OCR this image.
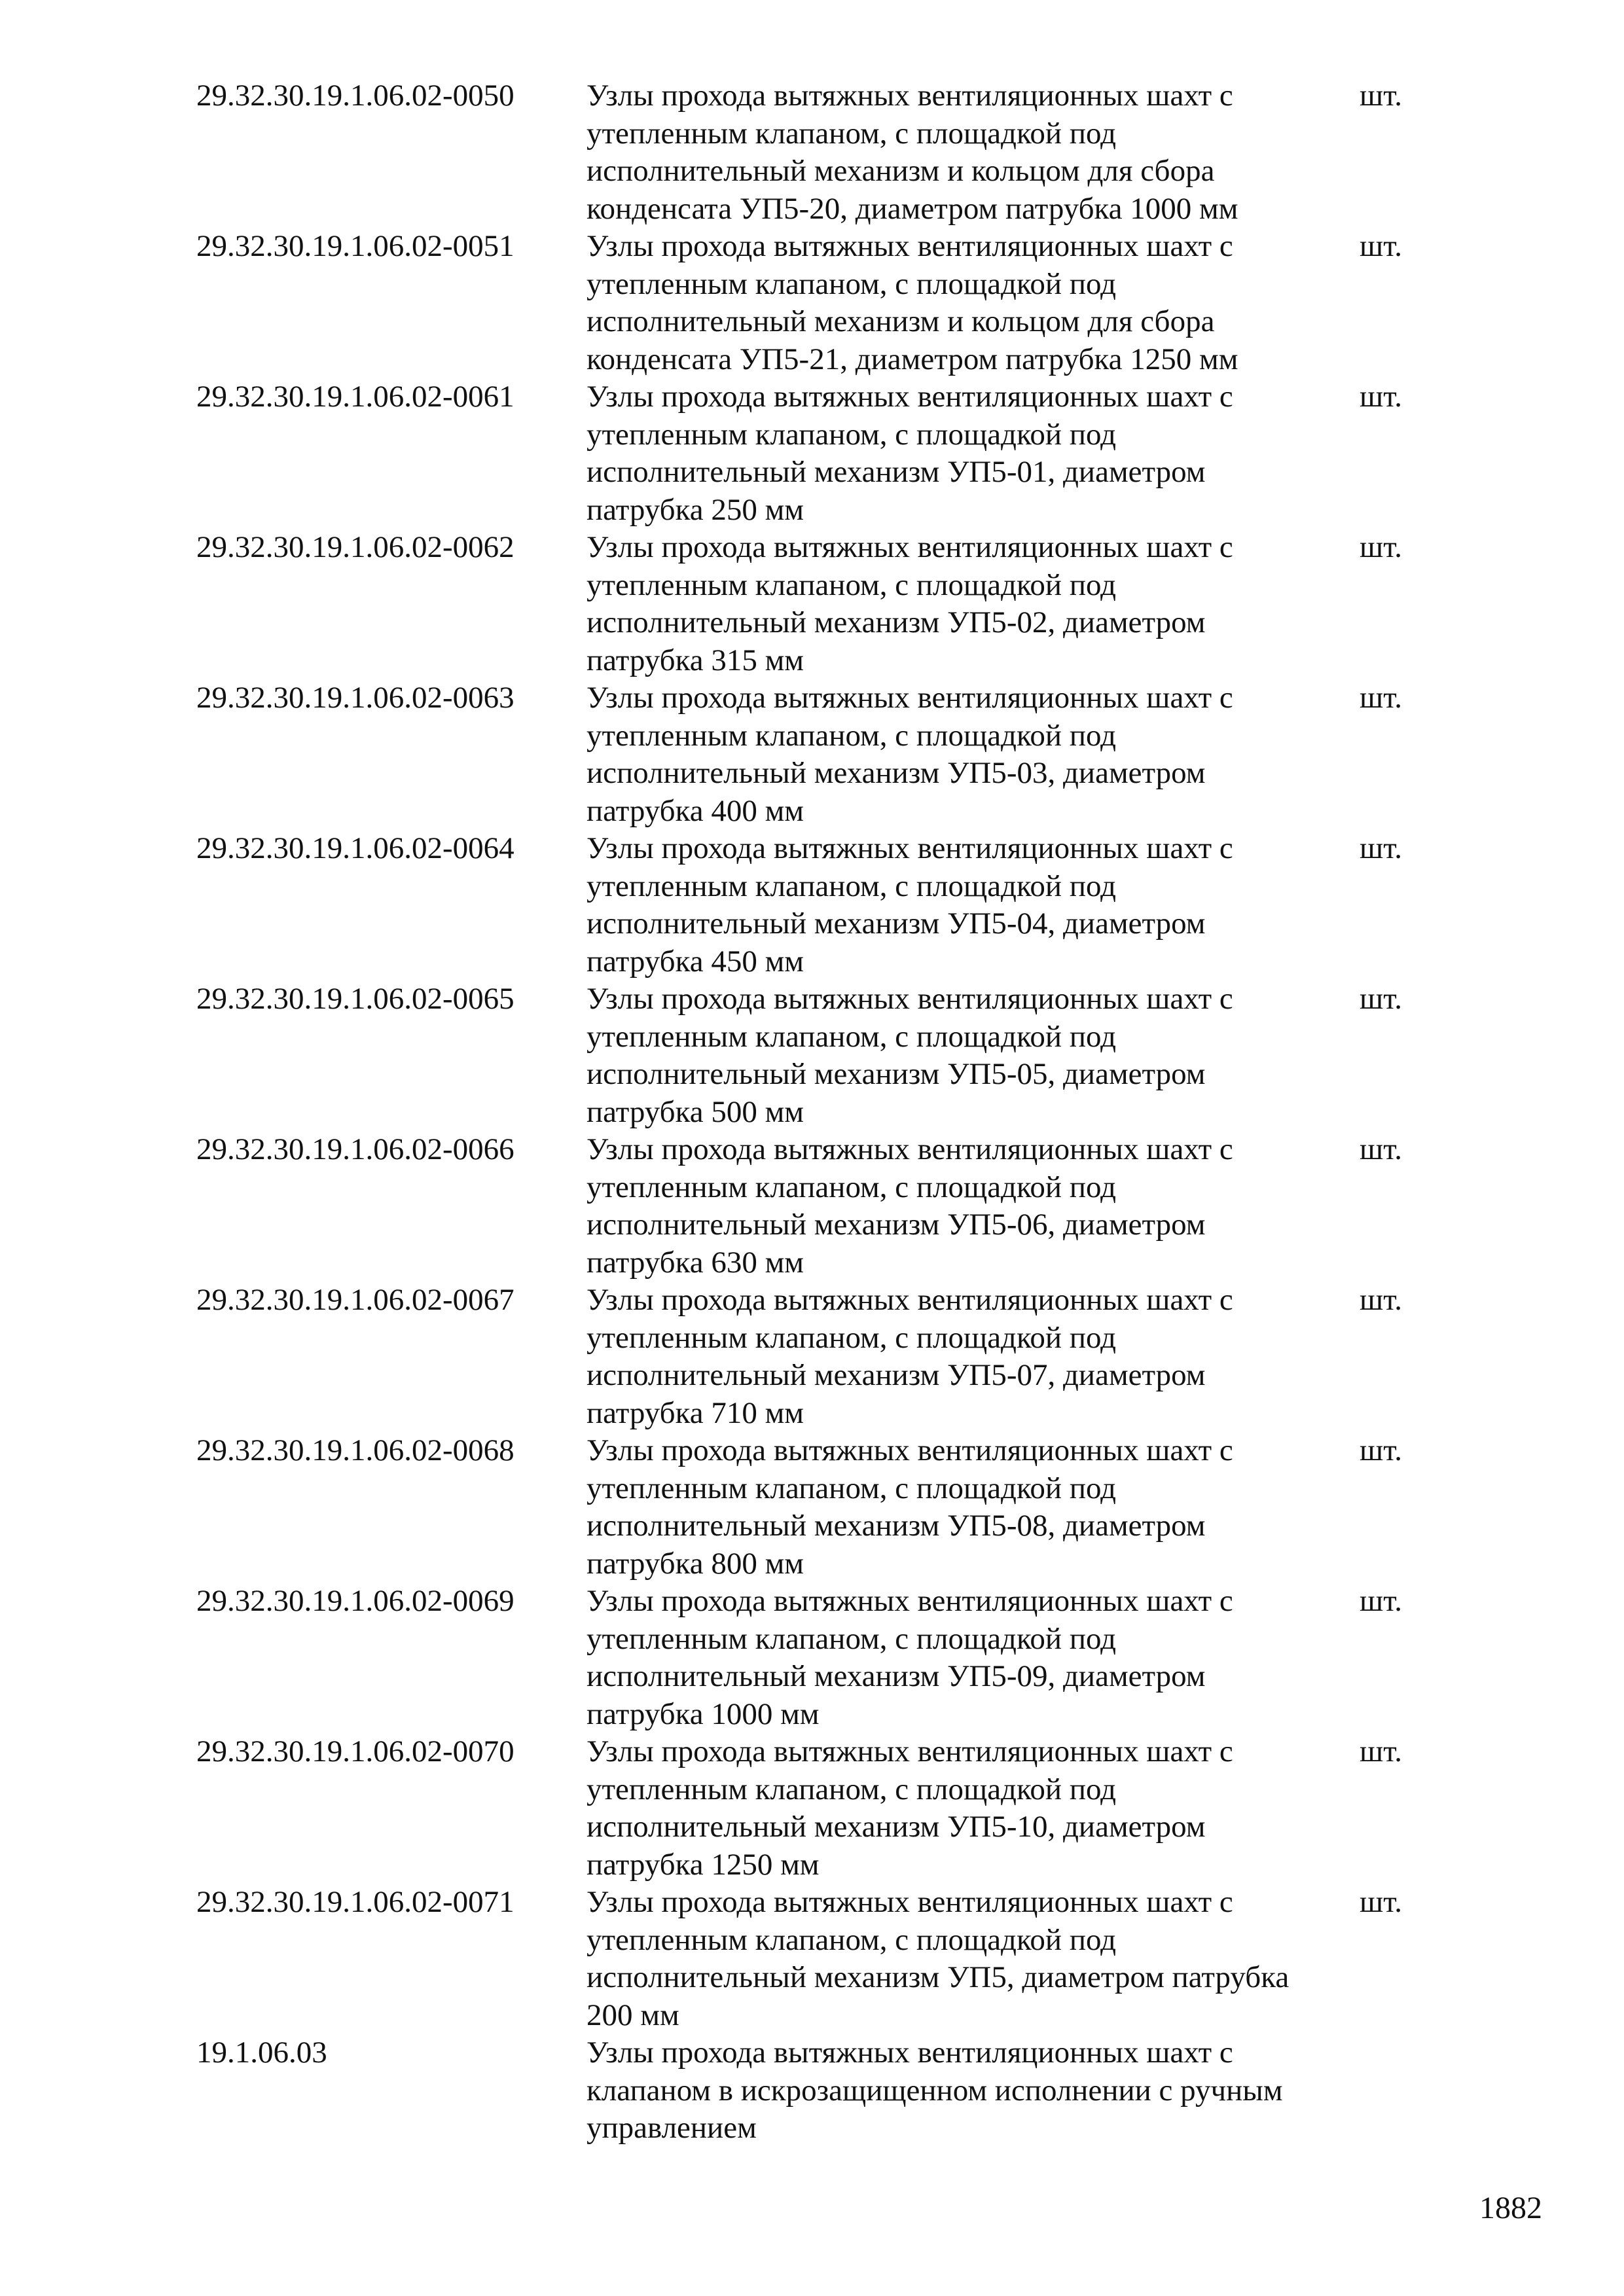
29.32.30.19.1.06.02-0050 Узлы прохода вытяжных вентиляционных шахт с
утепленным клапаном, с площадкой под
исполнительный механизм и кольцом для сбора
конденсата УП5-20, диаметром патрубка 1000 мм
шт.
29.32.30.19.1.06.02-0051 Узлы прохода вытяжных вентиляционных шахт с
утепленным клапаном, с площадкой под
исполнительный механизм и кольцом для сбора
конденсата УП5-21, диаметром патрубка 1250 мм
шт.
29.32.30.19.1.06.02-0061 Узлы прохода вытяжных вентиляционных шахт с
утепленным клапаном, с площадкой под
исполнительный механизм УП5-01, диаметром
патрубка 250 мм
шт.
29.32.30.19.1.06.02-0062 Узлы прохода вытяжных вентиляционных шахт с
утепленным клапаном, с площадкой под
исполнительный механизм УП5-02, диаметром
патрубка 315 мм
шт.
29.32.30.19.1.06.02-0063 Узлы прохода вытяжных вентиляционных шахт с
утепленным клапаном, с площадкой под
исполнительный механизм УП5-03, диаметром
патрубка 400 мм
шт.
29.32.30.19.1.06.02-0064 Узлы прохода вытяжных вентиляционных шахт с
утепленным клапаном, с площадкой под
исполнительный механизм УП5-04, диаметром
патрубка 450 мм
шт.
29.32.30.19.1.06.02-0065 Узлы прохода вытяжных вентиляционных шахт с
утепленным клапаном, с площадкой под
исполнительный механизм УП5-05, диаметром
патрубка 500 мм
шт.
29.32.30.19.1.06.02-0066 Узлы прохода вытяжных вентиляционных шахт с
утепленным клапаном, с площадкой под
исполнительный механизм УП5-06, диаметром
патрубка 630 мм
шт.
29.32.30.19.1.06.02-0067 Узлы прохода вытяжных вентиляционных шахт с
утепленным клапаном, с площадкой под
исполнительный механизм УП5-07, диаметром
патрубка 710 мм
шт.
29.32.30.19.1.06.02-0068 Узлы прохода вытяжных вентиляционных шахт с
утепленным клапаном, с площадкой под
исполнительный механизм УП5-08, диаметром
патрубка 800 мм
шт.
29.32.30.19.1.06.02-0069 Узлы прохода вытяжных вентиляционных шахт с
утепленным клапаном, с площадкой под
исполнительный механизм УП5-09, диаметром
патрубка 1000 мм
шт.
29.32.30.19.1.06.02-0070 Узлы прохода вытяжных вентиляционных шахт с
утепленным клапаном, с площадкой под
исполнительный механизм УП5-10, диаметром
патрубка 1250 мм
шт.
29.32.30.19.1.06.02-0071 Узлы прохода вытяжных вентиляционных шахт с
утепленным клапаном, с площадкой под
исполнительный механизм УП5, диаметром патрубка
200 мм
шт.
19.1.06.03	Узлы прохода вытяжных вентиляционных шахт с
клапаном в искрозащищенном исполнении с ручным
управлением
1882
